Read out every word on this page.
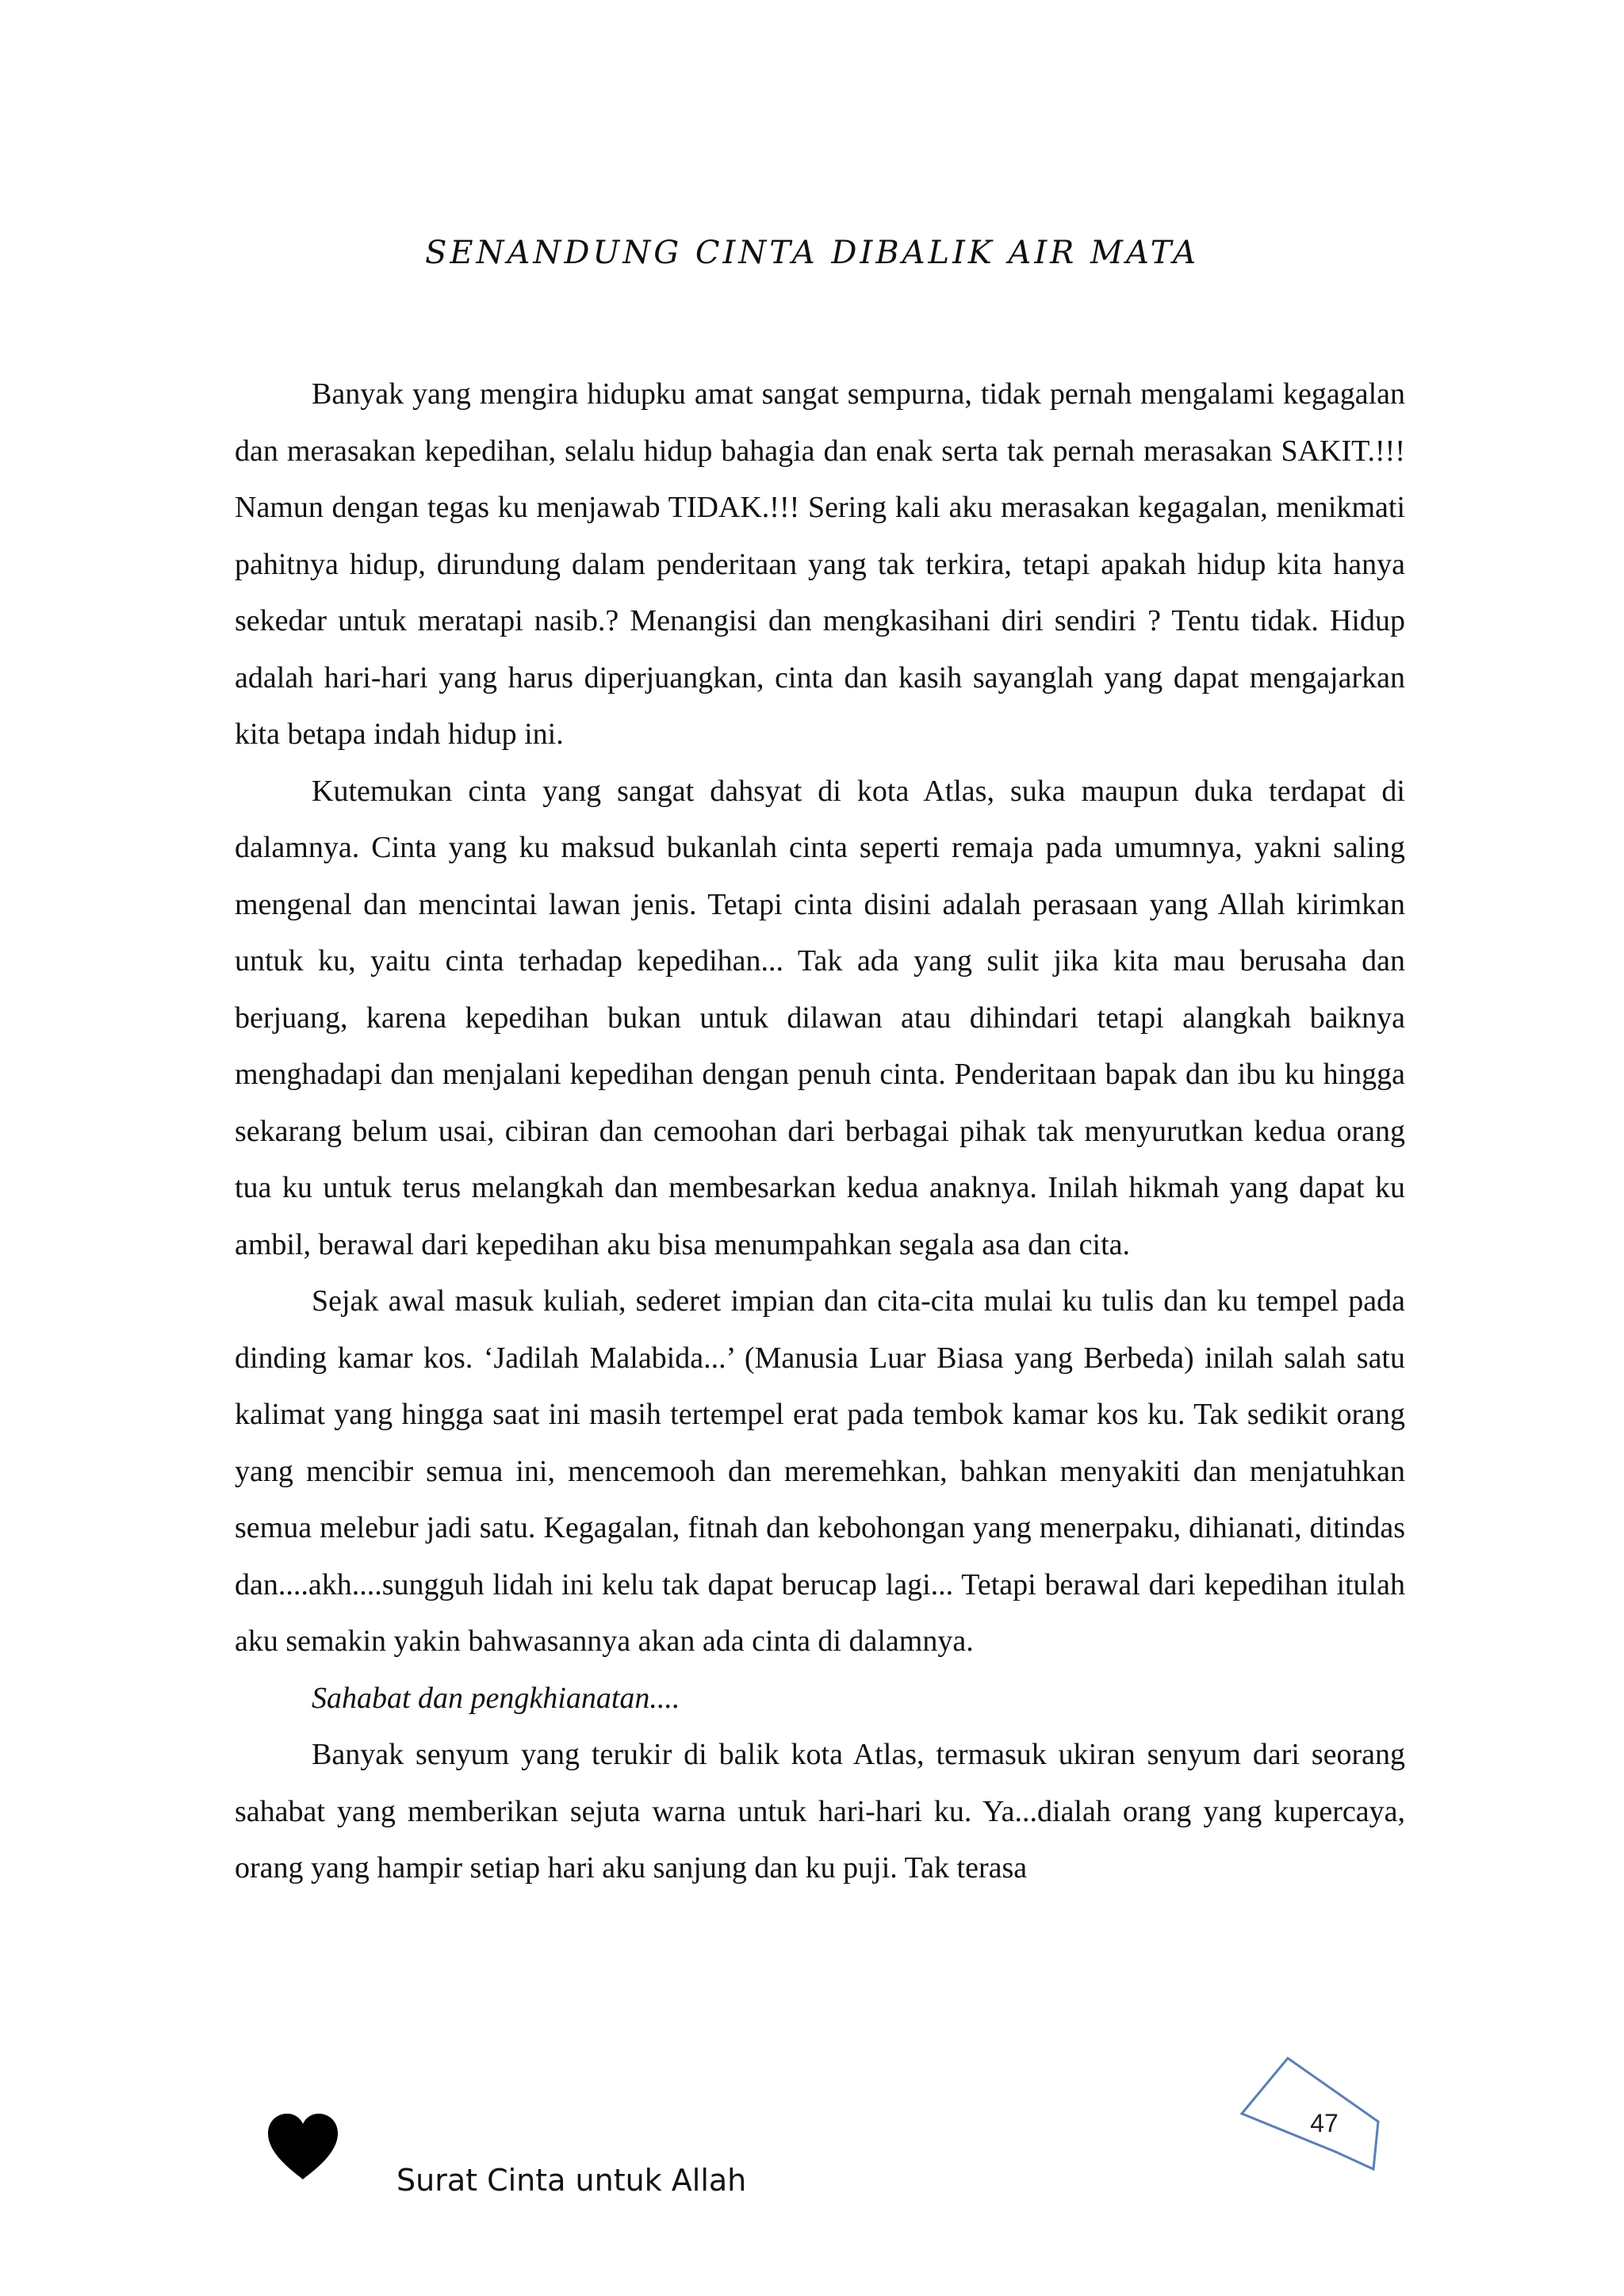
SENANDUNG CINTA DIBALIK AIR MATA

Banyak yang mengira hidupku amat sangat sempurna, tidak pernah mengalami kegagalan dan merasakan kepedihan, selalu hidup bahagia dan enak serta tak pernah merasakan SAKIT.!!! Namun dengan tegas ku menjawab TIDAK.!!! Sering kali aku merasakan kegagalan, menikmati pahitnya hidup, dirundung dalam penderitaan yang tak terkira, tetapi apakah hidup kita hanya sekedar untuk meratapi nasib.? Menangisi dan mengkasihani diri sendiri ? Tentu tidak. Hidup adalah hari-hari yang harus diperjuangkan, cinta dan kasih sayanglah yang dapat mengajarkan kita betapa indah hidup ini.

Kutemukan cinta yang sangat dahsyat di kota Atlas, suka maupun duka terdapat di dalamnya. Cinta yang ku maksud bukanlah cinta seperti remaja pada umumnya, yakni saling mengenal dan mencintai lawan jenis. Tetapi cinta disini adalah perasaan yang Allah kirimkan untuk ku, yaitu cinta terhadap kepedihan... Tak ada yang sulit jika kita mau berusaha dan berjuang, karena kepedihan bukan untuk dilawan atau dihindari tetapi alangkah baiknya menghadapi dan menjalani kepedihan dengan penuh cinta. Penderitaan bapak dan ibu ku hingga sekarang belum usai, cibiran dan cemoohan dari berbagai pihak tak menyurutkan kedua orang tua ku untuk terus melangkah dan membesarkan kedua anaknya. Inilah hikmah yang dapat ku ambil, berawal dari kepedihan aku bisa menumpahkan segala asa dan cita.

Sejak awal masuk kuliah, sederet impian dan cita-cita mulai ku tulis dan ku tempel pada dinding kamar kos. ‘Jadilah Malabida...’ (Manusia Luar Biasa yang Berbeda) inilah salah satu kalimat yang hingga saat ini masih tertempel erat pada tembok kamar kos ku. Tak sedikit orang yang mencibir semua ini, mencemooh dan meremehkan, bahkan menyakiti dan menjatuhkan semua melebur jadi satu. Kegagalan, fitnah dan kebohongan yang menerpaku, dihianati, ditindas dan....akh....sungguh lidah ini kelu tak dapat berucap lagi... Tetapi berawal dari kepedihan itulah aku semakin yakin bahwasannya akan ada cinta di dalamnya.

Sahabat dan pengkhianatan....

Banyak senyum yang terukir di balik kota Atlas, termasuk ukiran senyum dari seorang sahabat yang memberikan sejuta warna untuk hari-hari ku. Ya...dialah orang yang kupercaya, orang yang hampir setiap hari aku sanjung dan ku puji. Tak terasa

47
Surat Cinta untuk Allah
